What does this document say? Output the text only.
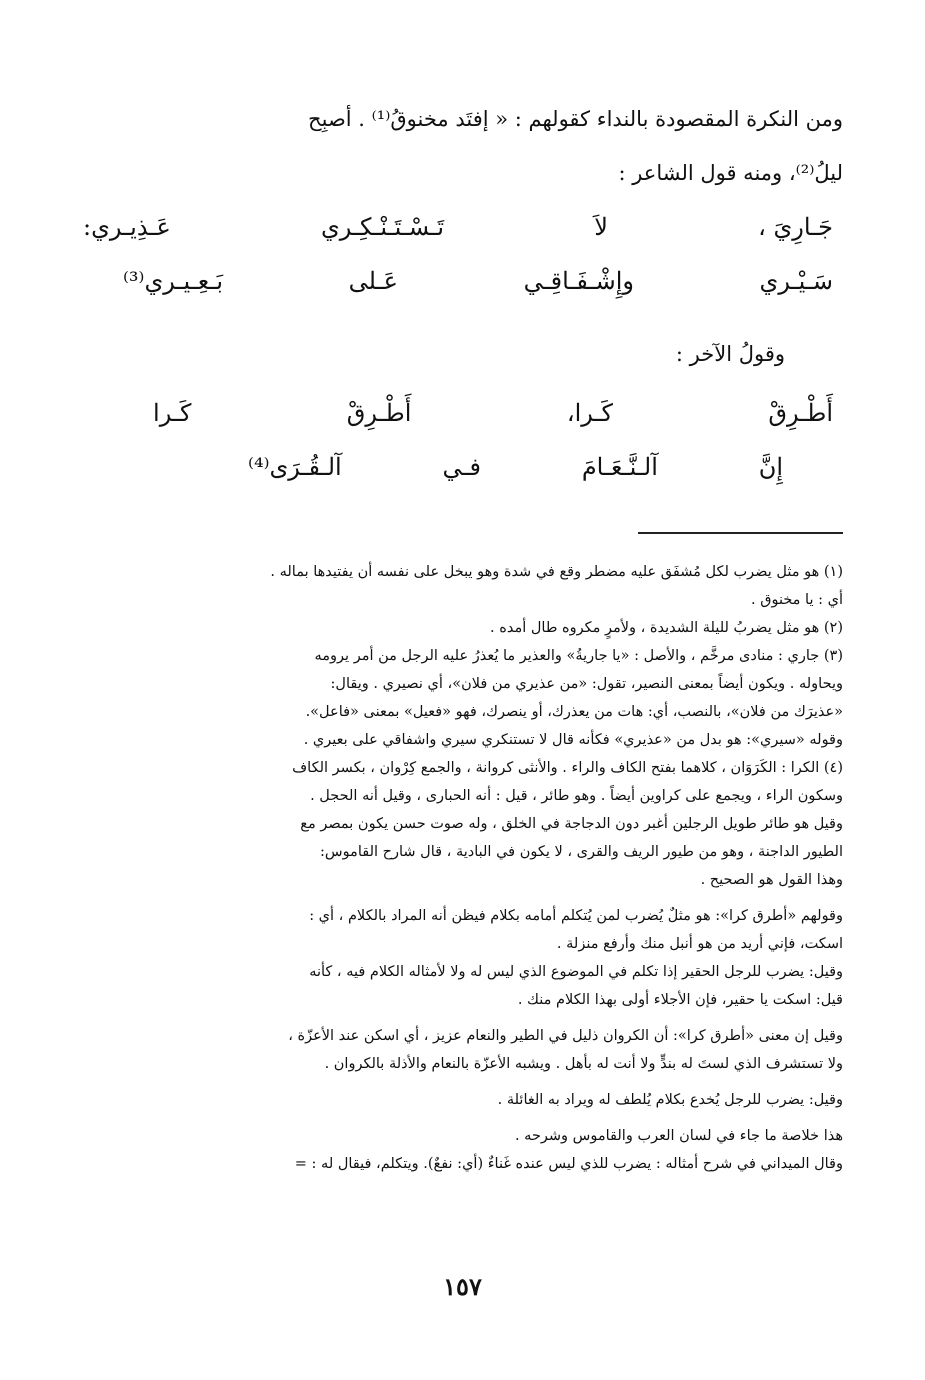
ومن النكرة المقصودة بالنداء كقولهم : « إفتَد مخنوقُ⁽¹⁾ . أصبِح
ليلُ⁽²⁾، ومنه قول الشاعر :

جَـارِيَ ،
لاَ
تَـسْـتَـنْـكِـري
عَـذِيـري:
سَـيْـري
وإِشْـفَـاقِـي
عَـلى
بَـعِـيـري⁽³⁾
وقولُ الآخر :
أَطْـرِقْ
كَـرا،
أَطْـرِقْ
كَـرا
إِنَّ
آلـنَّـعَـامَ
فـي
آلـقُـرَى⁽⁴⁾

(١) هو مثل يضرب لكل مُشفَق عليه مضطر وقع في شدة وهو يبخل على نفسه أن يفتيدها بماله .

أي : يا مخنوق .

(٢) هو مثل يضربُ لليلة الشديدة ، ولأمرٍ مكروه طال أمده .

(٣) جاري : منادى مرخَّم ، والأصل : «يا جاريةُ» والعذير ما يُعذرُ عليه الرجل من أمر يرومه

ويحاوله . ويكون أيضاً بمعنى النصير، تقول: «من عذيري من فلان»، أي نصيري . ويقال:

«عذيرَك من فلان»، بالنصب، أي: هات من يعذرك، أو ينصرك، فهو «فعيل» بمعنى «فاعل».

وقوله «سيري»: هو بدل من «عذيري» فكأنه قال لا تستنكري سيري واشفاقي على بعيري .

(٤) الكرا : الكَرَوَان ، كلاهما بفتح الكاف والراء . والأنثى كروانة ، والجمع كِرْوان ، بكسر الكاف

وسكون الراء ، ويجمع على كراوين أيضاً . وهو طائر ، قيل : أنه الحبارى ، وقيل أنه الحجل .

وقيل هو طائر طويل الرجلين أغبر دون الدجاجة في الخلق ، وله صوت حسن يكون بمصر مع

الطيور الداجنة ، وهو من طيور الريف والقرى ، لا يكون في البادية ، قال شارح القاموس:

وهذا القول هو الصحيح .

وقولهم «أطرق كرا»: هو مثلٌ يُضرب لمن يُتكلم أمامه بكلام فيظن أنه المراد بالكلام ، أي :

اسكت، فإني أريد من هو أنبل منك وأرفع منزلة .

وقيل: يضرب للرجل الحقير إذا تكلم في الموضوع الذي ليس له ولا لأمثاله الكلام فيه ، كأنه

قيل: اسكت يا حقير، فإن الأجلاء أولى بهذا الكلام منك .

وقيل إن معنى «أطرق كرا»: أن الكروان ذليل في الطير والنعام عزيز ، أي اسكن عند الأعزّة ،

ولا تستشرف الذي لستَ له بندٍّ ولا أنت له بأهل . ويشبه الأعزّة بالنعام والأذلة بالكروان .

وقيل: يضرب للرجل يُخدع بكلام يُلطف له ويراد به الغائلة .

هذا خلاصة ما جاء في لسان العرب والقاموس وشرحه .

وقال الميداني في شرح أمثاله : يضرب للذي ليس عنده غَناءٌ (أي: نفعٌ). ويتكلم، فيقال له : =

١٥٧
